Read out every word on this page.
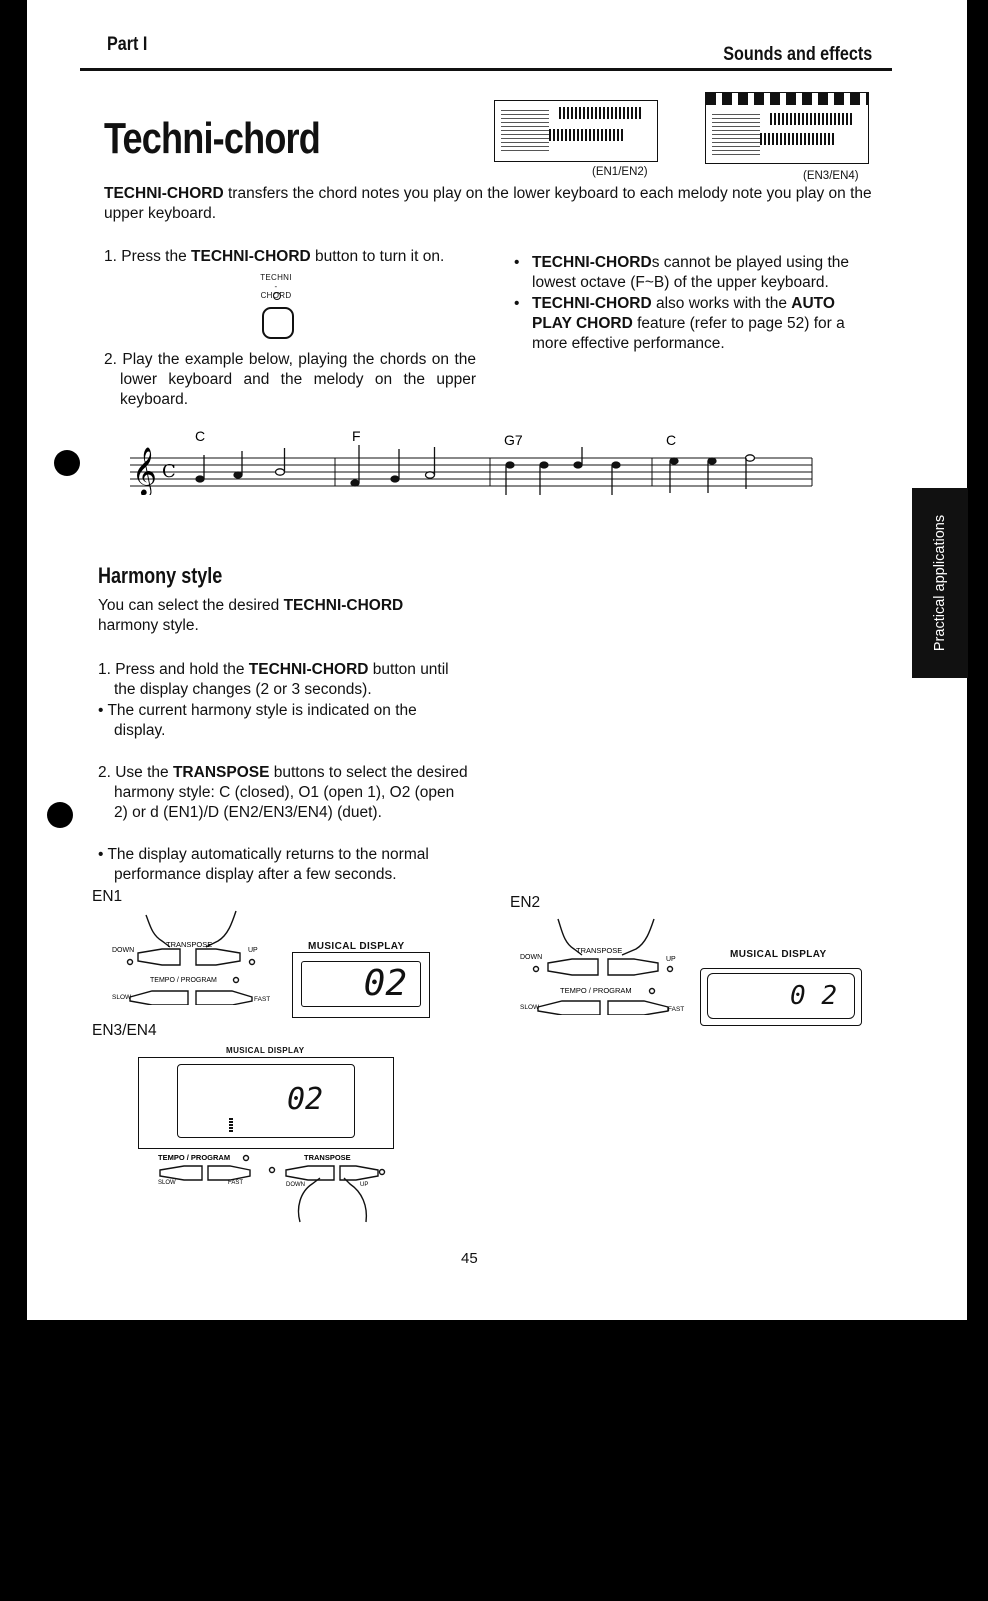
Part I	Sounds and effects
Techni-chord
(EN1/EN2)	(EN3/EN4)
TECHNI-CHORD transfers the chord notes you play on the lower keyboard to each melody note you play on the upper keyboard.
1. Press the TECHNI-CHORD button to turn it on.
TECHNI -
CHORD
2. Play the example below, playing the chords on the lower keyboard and the melody on the upper keyboard.
• TECHNI-CHORDs cannot be played using the lowest octave (F~B) of the upper keyboard.
• TECHNI-CHORD also works with the AUTO PLAY CHORD feature (refer to page 52) for a more effective performance.
𝄞 C
C	F	G7	C
Harmony style
You can select the desired TECHNI-CHORD harmony style.
1. Press and hold the TECHNI-CHORD button until the display changes (2 or 3 seconds).
• The current harmony style is indicated on the display.
2. Use the TRANSPOSE buttons to select the desired harmony style: C (closed), O1 (open 1), O2 (open 2) or d (EN1)/D (EN2/EN3/EN4) (duet).
• The display automatically returns to the normal performance display after a few seconds.
EN1
DOWN	UP
TRANSPOSE
TEMPO / PROGRAM
SLOW	FAST
MUSICAL DISPLAY
02
EN2
DOWN	UP
TRANSPOSE
TEMPO / PROGRAM
SLOW	FAST
MUSICAL DISPLAY
0 2
EN3/EN4
MUSICAL DISPLAY
02
TEMPO / PROGRAM	TRANSPOSE
SLOW	FAST	DOWN	UP
Practical applications
45
